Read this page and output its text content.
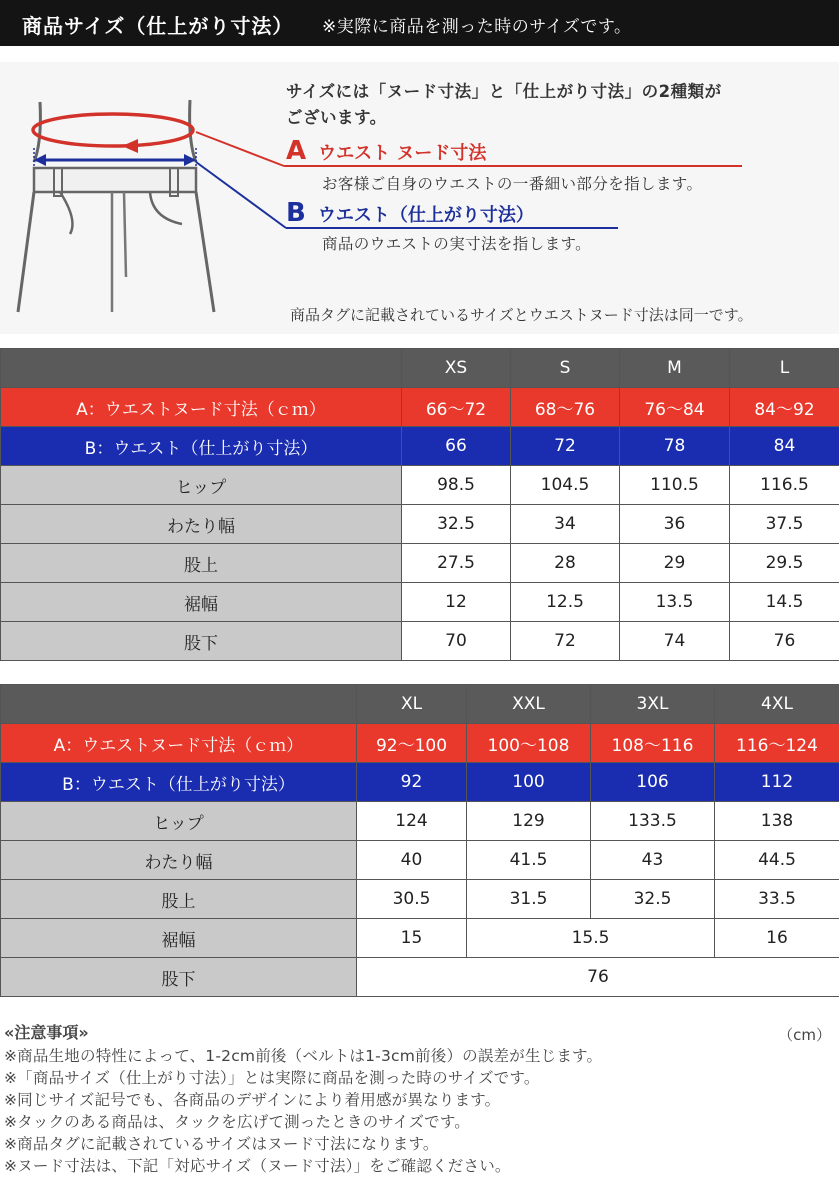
商品サイズ（仕上がり寸法） ※実際に商品を測った時のサイズです。
サイズには「ヌード寸法」と「仕上がり寸法」の2種類が
ございます。
A ウエスト ヌード寸法
お客様ご自身のウエストの一番細い部分を指します。
B ウエスト（仕上がり寸法）
商品のウエストの実寸法を指します。
商品タグに記載されているサイズとウエストヌード寸法は同一です。
	XS	S	M	L
A：ウエストヌード寸法（ｃｍ）	66〜72	68〜76	76〜84	84〜92
B：ウエスト（仕上がり寸法）	66	72	78	84
ヒップ	98.5	104.5	110.5	116.5
わたり幅	32.5	34	36	37.5
股上	27.5	28	29	29.5
裾幅	12	12.5	13.5	14.5
股下	70	72	74	76
	XL	XXL	3XL	4XL
A：ウエストヌード寸法（ｃｍ）	92〜100	100〜108	108〜116	116〜124
B：ウエスト（仕上がり寸法）	92	100	106	112
ヒップ	124	129	133.5	138
わたり幅	40	41.5	43	44.5
股上	30.5	31.5	32.5	33.5
裾幅	15	15.5		16
股下	76			
（cm）
«注意事項»
※商品生地の特性によって、1-2cm前後（ベルトは1-3cm前後）の誤差が生じます。
※「商品サイズ（仕上がり寸法）」とは実際に商品を測った時のサイズです。
※同じサイズ記号でも、各商品のデザインにより着用感が異なります。
※タックのある商品は、タックを広げて測ったときのサイズです。
※商品タグに記載されているサイズはヌード寸法になります。
※ヌード寸法は、下記「対応サイズ（ヌード寸法）」をご確認ください。
